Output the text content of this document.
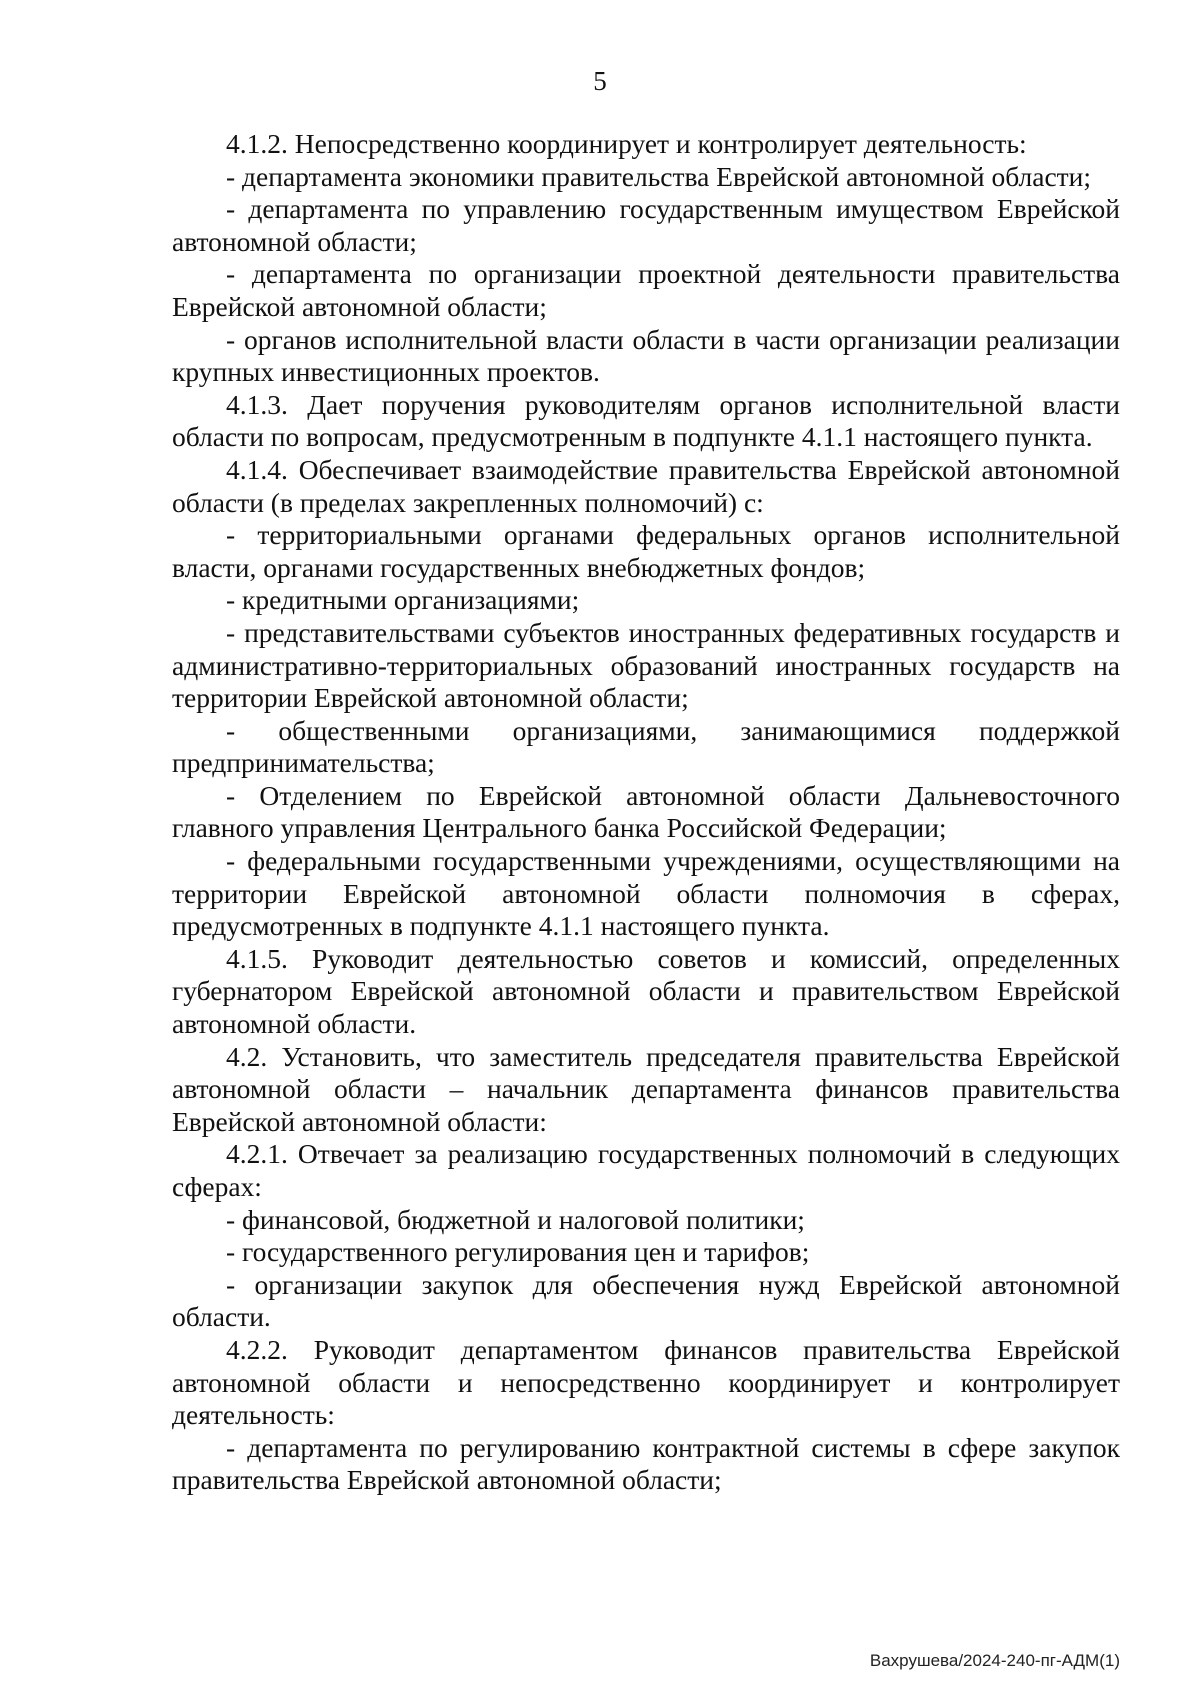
5

4.1.2. Непосредственно координирует и контролирует деятельность:

- департамента экономики правительства Еврейской автономной области;

- департамента по управлению государственным имуществом Еврейской автономной области;

- департамента по организации проектной деятельности правительства Еврейской автономной области;

- органов исполнительной власти области в части организации реализации крупных инвестиционных проектов.

4.1.3. Дает поручения руководителям органов исполнительной власти области по вопросам, предусмотренным в подпункте 4.1.1 настоящего пункта.

4.1.4. Обеспечивает взаимодействие правительства Еврейской автономной области (в пределах закрепленных полномочий) с:

- территориальными органами федеральных органов исполнительной власти, органами государственных внебюджетных фондов;

- кредитными организациями;

- представительствами субъектов иностранных федеративных государств и административно-территориальных образований иностранных государств на территории Еврейской автономной области;

- общественными организациями, занимающимися поддержкой предпринимательства;

- Отделением по Еврейской автономной области Дальневосточного главного управления Центрального банка Российской Федерации;

- федеральными государственными учреждениями, осуществляющими на территории Еврейской автономной области полномочия в сферах, предусмотренных в подпункте 4.1.1 настоящего пункта.

4.1.5. Руководит деятельностью советов и комиссий, определенных губернатором Еврейской автономной области и правительством Еврейской автономной области.

4.2. Установить, что заместитель председателя правительства Еврейской автономной области – начальник департамента финансов правительства Еврейской автономной области:

4.2.1. Отвечает за реализацию государственных полномочий в следующих сферах:

- финансовой, бюджетной и налоговой политики;

- государственного регулирования цен и тарифов;

- организации закупок для обеспечения нужд Еврейской автономной области.

4.2.2. Руководит департаментом финансов правительства Еврейской автономной области и непосредственно координирует и контролирует деятельность:

- департамента по регулированию контрактной системы в сфере закупок правительства Еврейской автономной области;

Вахрушева/2024-240-пг-АДМ(1)
